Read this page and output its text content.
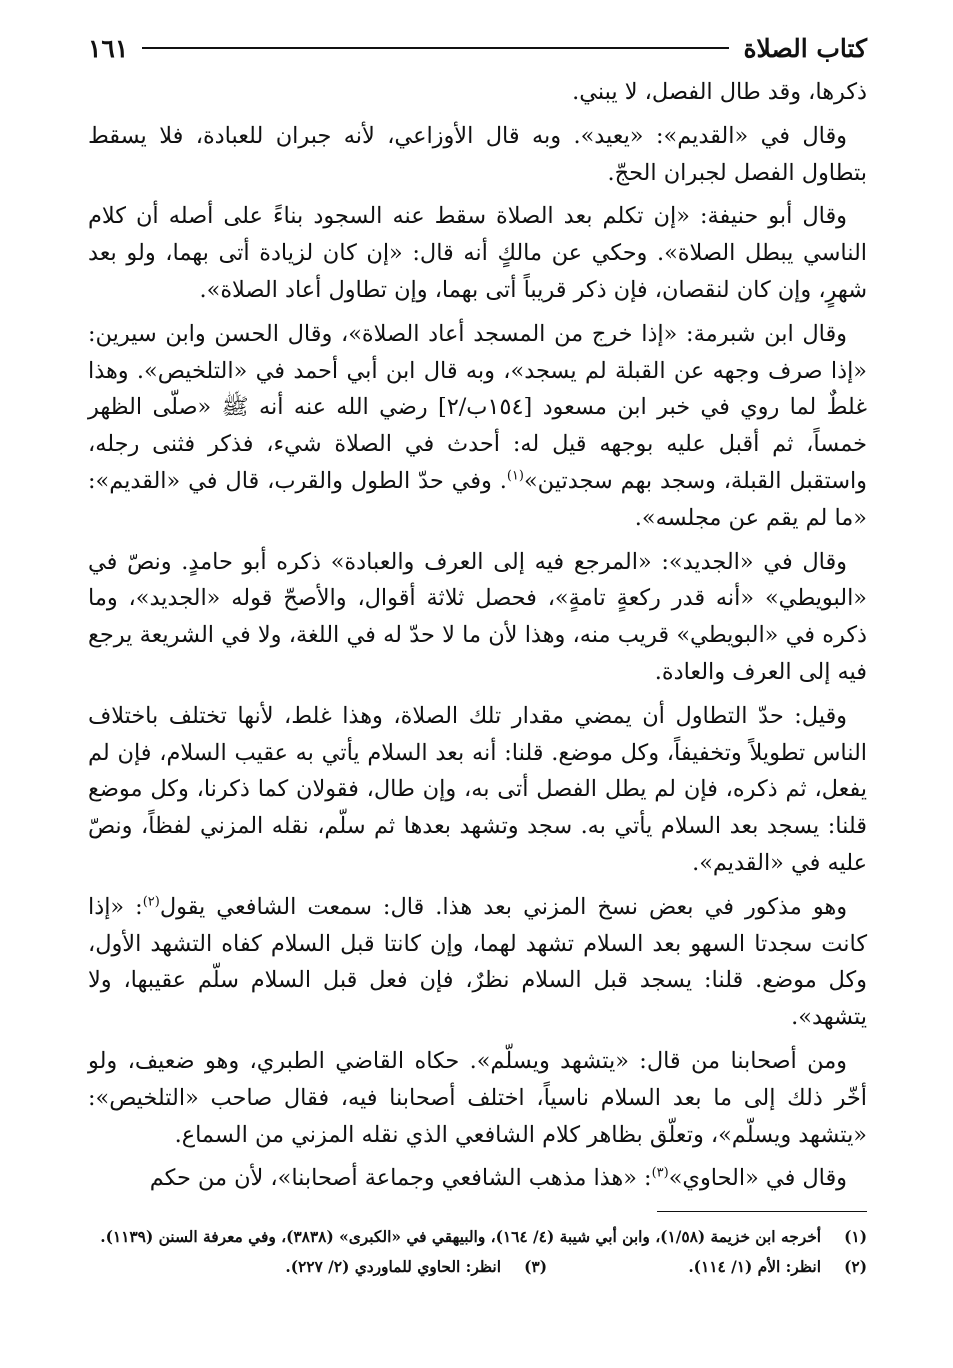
كتاب الصلاة
١٦١

ذكرها، وقد طال الفصل، لا يبني.

وقال في «القديم»: «يعيد». وبه قال الأوزاعي، لأنه جبران للعبادة، فلا يسقط بتطاول الفصل لجبران الحجّ.

وقال أبو حنيفة: «إن تكلم بعد الصلاة سقط عنه السجود بناءً على أصله أن كلام الناسي يبطل الصلاة». وحكي عن مالكٍ أنه قال: «إن كان لزيادة أتى بهما، ولو بعد شهرٍ، وإن كان لنقصان، فإن ذكر قريباً أتى بهما، وإن تطاول أعاد الصلاة».

وقال ابن شبرمة: «إذا خرج من المسجد أعاد الصلاة»، وقال الحسن وابن سيرين: «إذا صرف وجهه عن القبلة لم يسجد»، وبه قال ابن أبي أحمد في «التلخيص». وهذا غلطٌ لما روي في خبر ابن مسعود [١٥٤ب/٢] رضي الله عنه أنه ﷺ «صلّى الظهر خمساً، ثم أقبل عليه بوجهه قيل له: أحدث في الصلاة شيء، فذكر فثنى رجله، واستقبل القبلة، وسجد بهم سجدتين»$^{(١)}$. وفي حدّ الطول والقرب، قال في «القديم»: «ما لم يقم عن مجلسه».

وقال في «الجديد»: «المرجع فيه إلى العرف والعبادة» ذكره أبو حامدٍ. ونصّ في «البويطي» «أنه قدر ركعةٍ تامةٍ»، فحصل ثلاثة أقوال، والأصحّ قوله «الجديد»، وما ذكره في «البويطي» قريب منه، وهذا لأن ما لا حدّ له في اللغة، ولا في الشريعة يرجع فيه إلى العرف والعادة.

وقيل: حدّ التطاول أن يمضي مقدار تلك الصلاة، وهذا غلط، لأنها تختلف باختلاف الناس تطويلاً وتخفيفاً، وكل موضع. قلنا: أنه بعد السلام يأتي به عقيب السلام، فإن لم يفعل، ثم ذكره، فإن لم يطل الفصل أتى به، وإن طال، فقولان كما ذكرنا، وكل موضع قلنا: يسجد بعد السلام يأتي به. سجد وتشهد بعدها ثم سلّم، نقله المزني لفظاً، ونصّ عليه في «القديم».

وهو مذكور في بعض نسخ المزني بعد هذا. قال: سمعت الشافعي يقول$^{(٢)}$: «إذا كانت سجدتا السهو بعد السلام تشهد لهما، وإن كانتا قبل السلام كفاه التشهد الأول، وكل موضع. قلنا: يسجد قبل السلام نظرٌ، فإن فعل قبل السلام سلّم عقيبها، ولا يتشهد».

ومن أصحابنا من قال: «يتشهد ويسلّم». حكاه القاضي الطبري، وهو ضعيف، ولو أخّر ذلك إلى ما بعد السلام ناسياً، اختلف أصحابنا فيه، فقال صاحب «التلخيص»: «يتشهد ويسلّم»، وتعلّق بظاهر كلام الشافعي الذي نقله المزني من السماع.

وقال في «الحاوي»$^{(٣)}$: «هذا مذهب الشافعي وجماعة أصحابنا»، لأن من حكم

(١)
أخرجه ابن خزيمة (١/٥٨)، وابن أبي شيبة (٤/ ١٦٤)، والبيهقي في «الكبرى» (٣٨٣٨)، وفي معرفة السنن (١١٣٩).
(٢)
انظر: الأم (١/ ١١٤).
(٣)
انظر: الحاوي للماوردي (٢/ ٢٢٧).
